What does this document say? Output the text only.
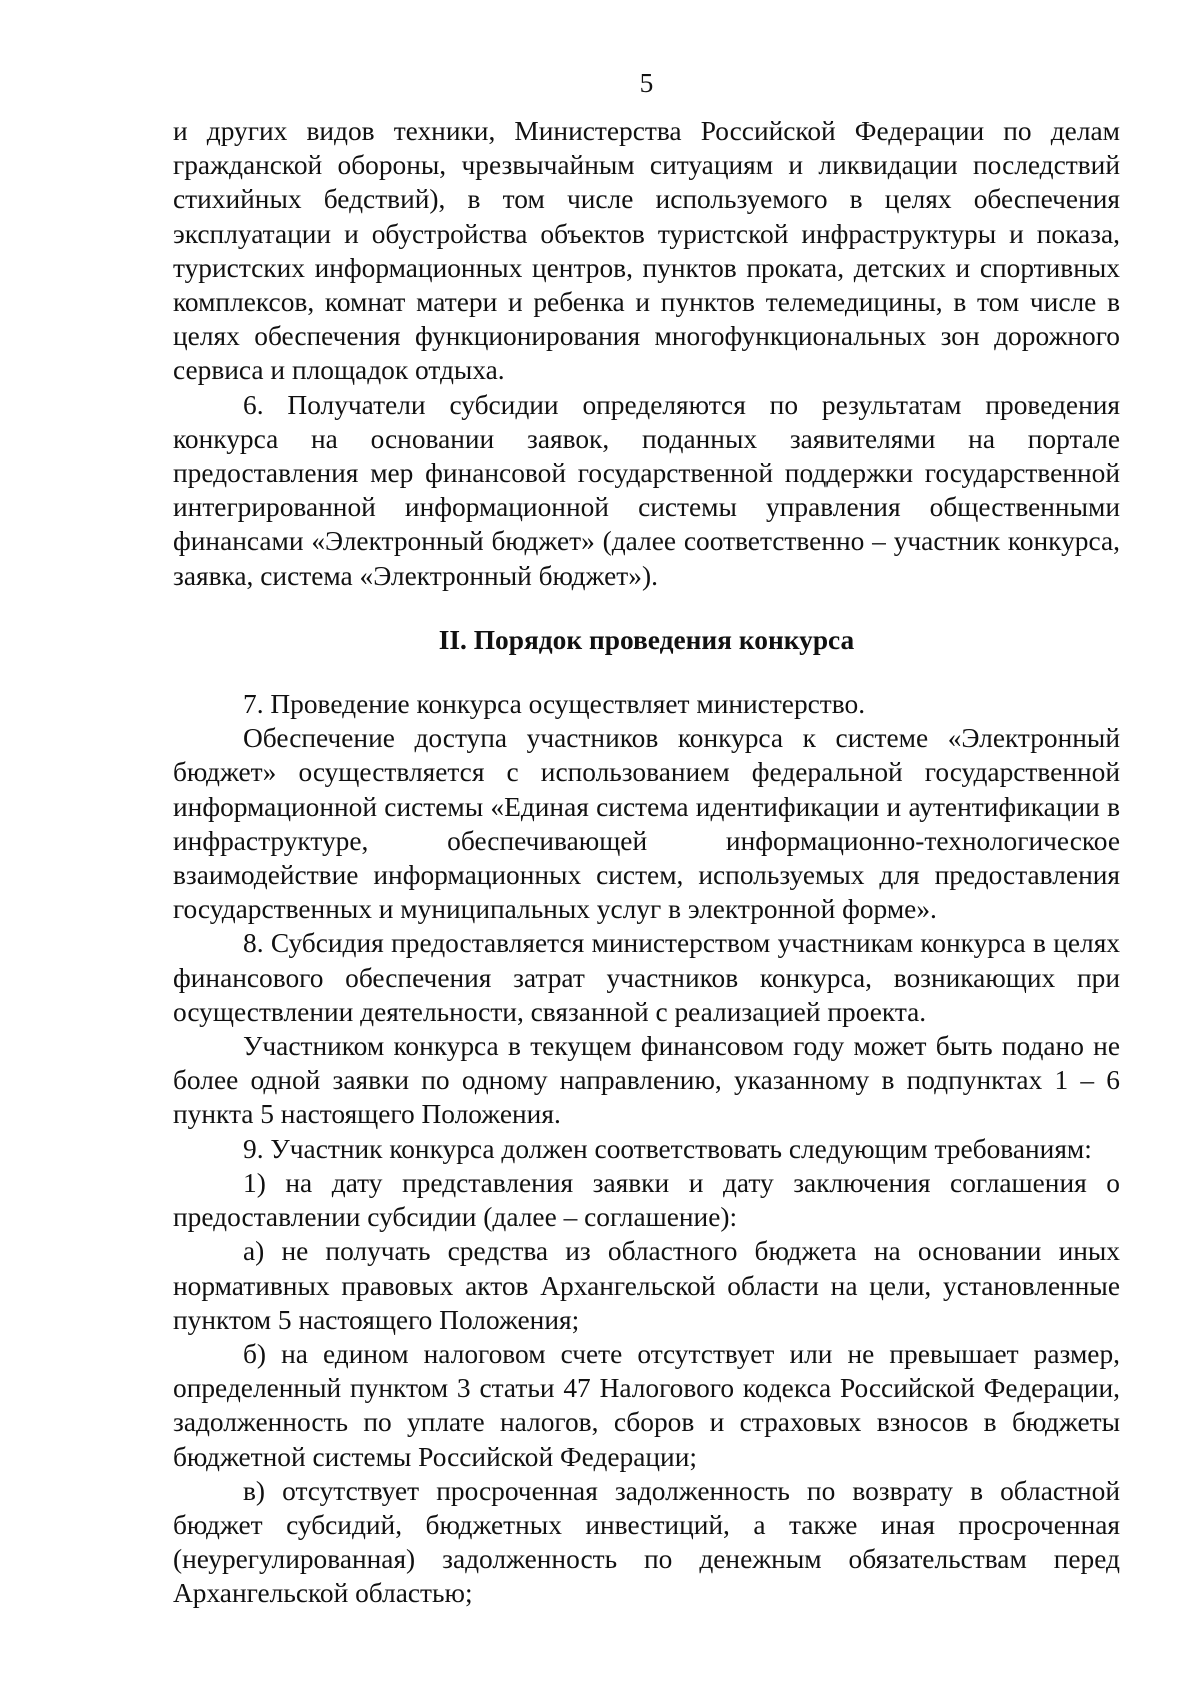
5

и других видов техники, Министерства Российской Федерации по делам гражданской обороны, чрезвычайным ситуациям и ликвидации последствий стихийных бедствий), в том числе используемого в целях обеспечения эксплуатации и обустройства объектов туристской инфраструктуры и показа, туристских информационных центров, пунктов проката, детских и спортивных комплексов, комнат матери и ребенка и пунктов телемедицины, в том числе в целях обеспечения функционирования многофункциональных зон дорожного сервиса и площадок отдыха.

6. Получатели субсидии определяются по результатам проведения конкурса на основании заявок, поданных заявителями на портале предоставления мер финансовой государственной поддержки государственной интегрированной информационной системы управления общественными финансами «Электронный бюджет» (далее соответственно – участник конкурса, заявка, система «Электронный бюджет»).

II. Порядок проведения конкурса

7. Проведение конкурса осуществляет министерство.

Обеспечение доступа участников конкурса к системе «Электронный бюджет» осуществляется с использованием федеральной государственной информационной системы «Единая система идентификации и аутентификации в инфраструктуре, обеспечивающей информационно-технологическое взаимодействие информационных систем, используемых для предоставления государственных и муниципальных услуг в электронной форме».

8. Субсидия предоставляется министерством участникам конкурса в целях финансового обеспечения затрат участников конкурса, возникающих при осуществлении деятельности, связанной с реализацией проекта.

Участником конкурса в текущем финансовом году может быть подано не более одной заявки по одному направлению, указанному в подпунктах 1 – 6 пункта 5 настоящего Положения.

9. Участник конкурса должен соответствовать следующим требованиям:

1) на дату представления заявки и дату заключения соглашения о предоставлении субсидии (далее – соглашение):

а) не получать средства из областного бюджета на основании иных нормативных правовых актов Архангельской области на цели, установленные пунктом 5 настоящего Положения;

б) на едином налоговом счете отсутствует или не превышает размер, определенный пунктом 3 статьи 47 Налогового кодекса Российской Федерации, задолженность по уплате налогов, сборов и страховых взносов в бюджеты бюджетной системы Российской Федерации;

в) отсутствует просроченная задолженность по возврату в областной бюджет субсидий, бюджетных инвестиций, а также иная просроченная (неурегулированная) задолженность по денежным обязательствам перед Архангельской областью;
